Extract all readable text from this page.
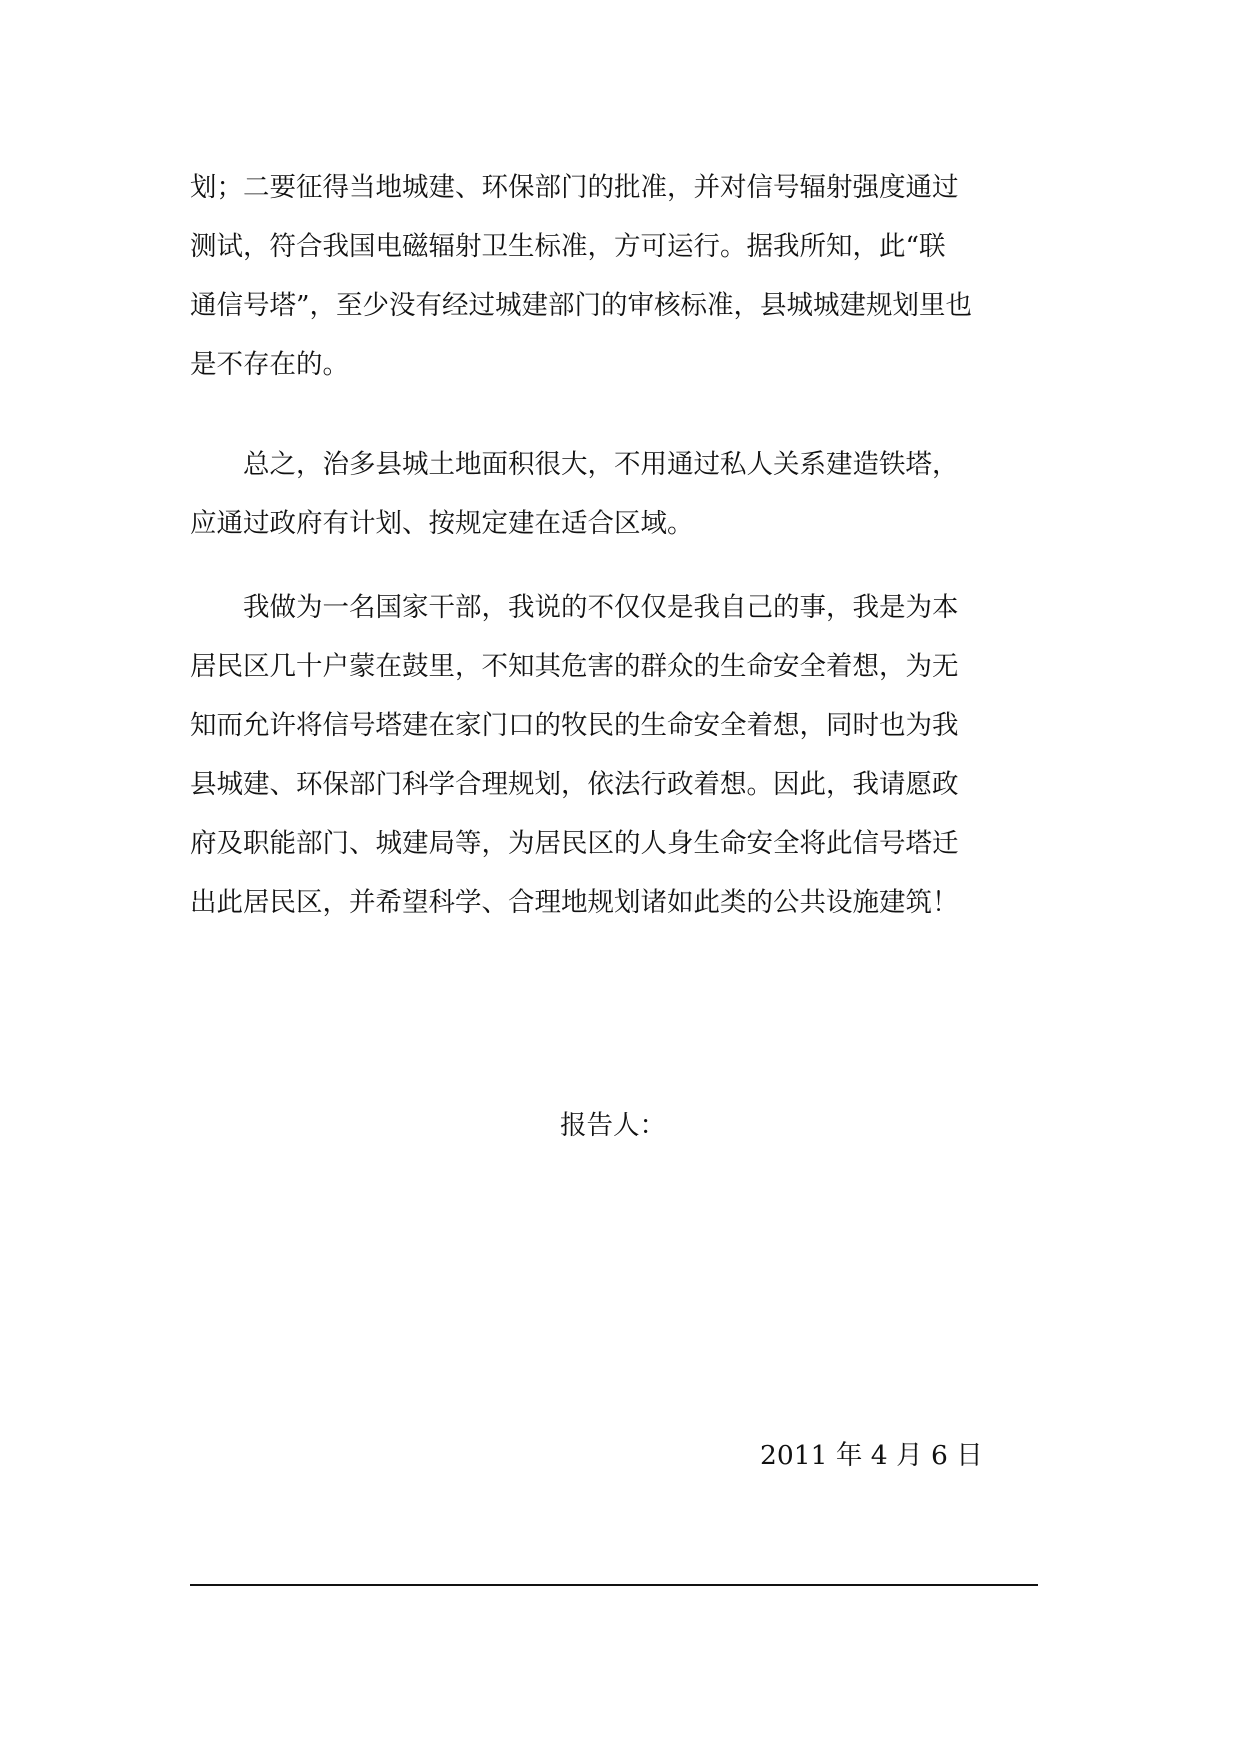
划；二要征得当地城建、环保部门的批准，并对信号辐射强度通过
测试，符合我国电磁辐射卫生标准，方可运行。据我所知，此“联
通信号塔”，至少没有经过城建部门的审核标准，县城城建规划里也
是不存在的。
　　总之，治多县城土地面积很大，不用通过私人关系建造铁塔，
应通过政府有计划、按规定建在适合区域。
　　我做为一名国家干部，我说的不仅仅是我自己的事，我是为本
居民区几十户蒙在鼓里，不知其危害的群众的生命安全着想，为无
知而允许将信号塔建在家门口的牧民的生命安全着想，同时也为我
县城建、环保部门科学合理规划，依法行政着想。因此，我请愿政
府及职能部门、城建局等，为居民区的人身生命安全将此信号塔迁
出此居民区，并希望科学、合理地规划诸如此类的公共设施建筑！

报告人：

2011 年 4 月 6 日
